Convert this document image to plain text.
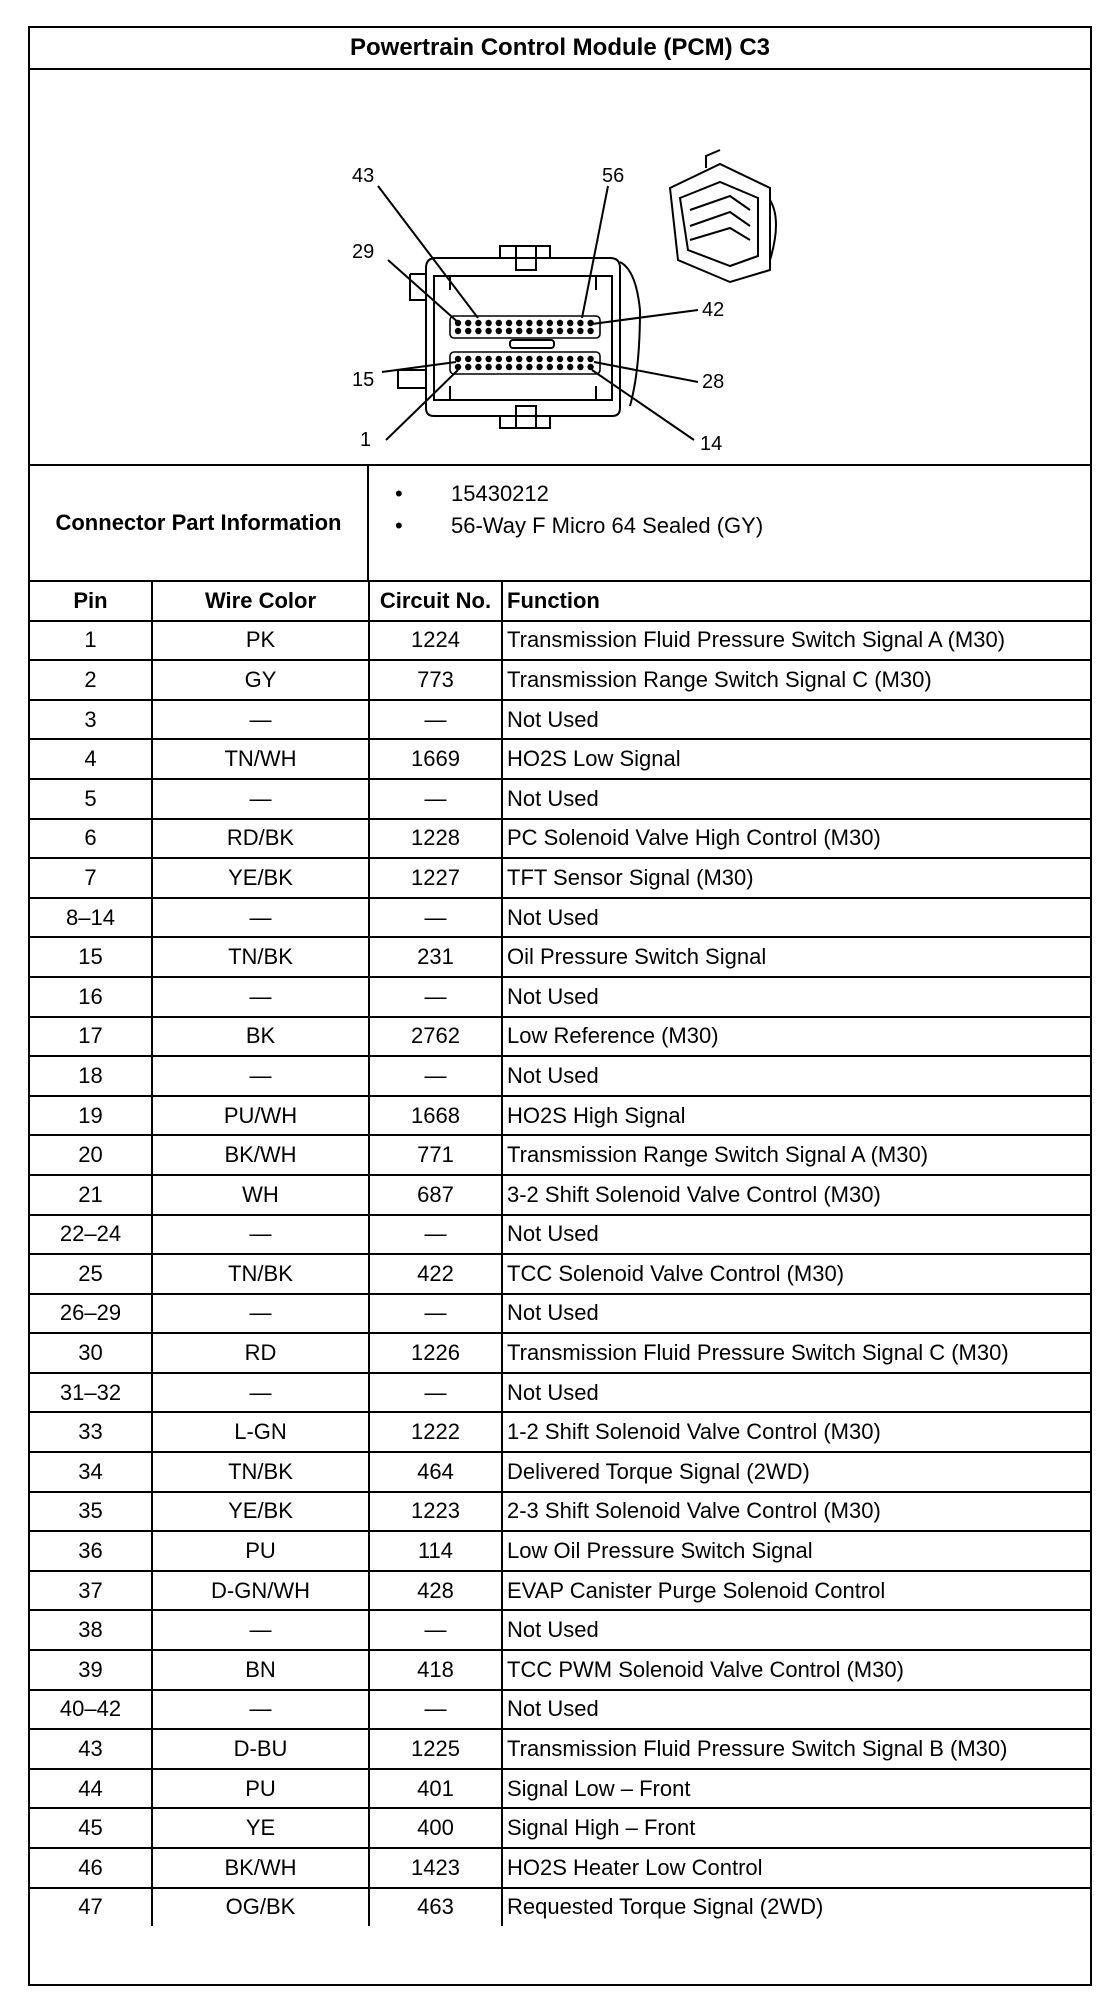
Powertrain Control Module (PCM) C3
43	56
29
42
15	28
1	14
Connector Part Information
• 15430212
• 56-Way F Micro 64 Sealed (GY)
Pin	Wire Color	Circuit No.	Function
1	PK	1224	Transmission Fluid Pressure Switch Signal A (M30)
2	GY	773	Transmission Range Switch Signal C (M30)
3	—	—	Not Used
4	TN/WH	1669	HO2S Low Signal
5	—	—	Not Used
6	RD/BK	1228	PC Solenoid Valve High Control (M30)
7	YE/BK	1227	TFT Sensor Signal (M30)
8–14	—	—	Not Used
15	TN/BK	231	Oil Pressure Switch Signal
16	—	—	Not Used
17	BK	2762	Low Reference (M30)
18	—	—	Not Used
19	PU/WH	1668	HO2S High Signal
20	BK/WH	771	Transmission Range Switch Signal A (M30)
21	WH	687	3-2 Shift Solenoid Valve Control (M30)
22–24	—	—	Not Used
25	TN/BK	422	TCC Solenoid Valve Control (M30)
26–29	—	—	Not Used
30	RD	1226	Transmission Fluid Pressure Switch Signal C (M30)
31–32	—	—	Not Used
33	L-GN	1222	1-2 Shift Solenoid Valve Control (M30)
34	TN/BK	464	Delivered Torque Signal (2WD)
35	YE/BK	1223	2-3 Shift Solenoid Valve Control (M30)
36	PU	114	Low Oil Pressure Switch Signal
37	D-GN/WH	428	EVAP Canister Purge Solenoid Control
38	—	—	Not Used
39	BN	418	TCC PWM Solenoid Valve Control (M30)
40–42	—	—	Not Used
43	D-BU	1225	Transmission Fluid Pressure Switch Signal B (M30)
44	PU	401	Signal Low – Front
45	YE	400	Signal High – Front
46	BK/WH	1423	HO2S Heater Low Control
47	OG/BK	463	Requested Torque Signal (2WD)
